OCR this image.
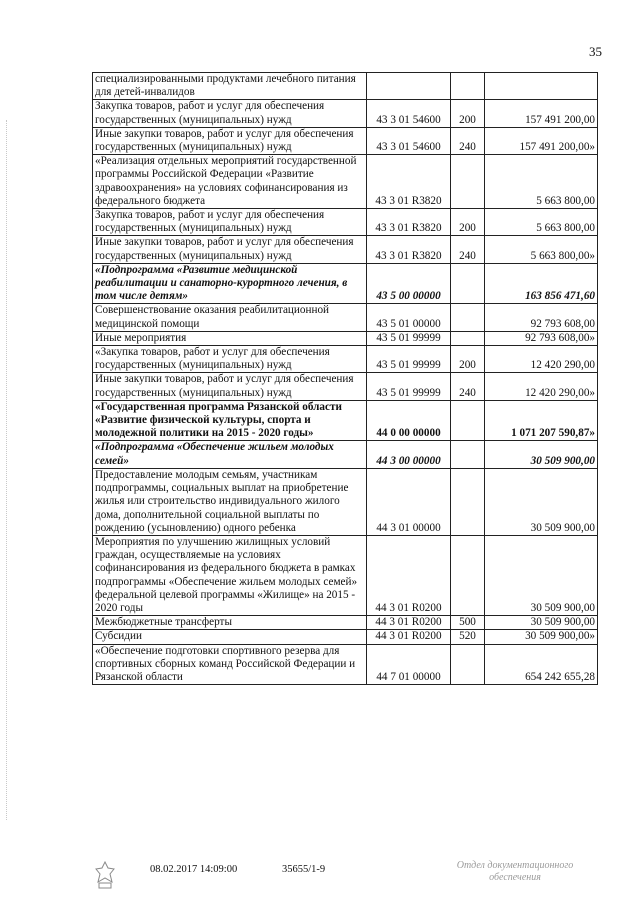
35
специализированными продуктами лечебного питания для детей-инвалидов			
Закупка товаров, работ и услуг для обеспечения государственных (муниципальных) нужд	43 3 01 54600	200	157 491 200,00
Иные закупки товаров, работ и услуг для обеспечения государственных (муниципальных) нужд	43 3 01 54600	240	157 491 200,00»
«Реализация отдельных мероприятий государственной программы Российской Федерации «Развитие здравоохранения» на условиях софинансирования из федерального бюджета	43 3 01 R3820		5 663 800,00
Закупка товаров, работ и услуг для обеспечения государственных (муниципальных) нужд	43 3 01 R3820	200	5 663 800,00
Иные закупки товаров, работ и услуг для обеспечения государственных (муниципальных) нужд	43 3 01 R3820	240	5 663 800,00»
«Подпрограмма «Развитие медицинской реабилитации и санаторно-курортного лечения, в том числе детям»	43 5 00 00000		163 856 471,60
Совершенствование оказания реабилитационной медицинской помощи	43 5 01 00000		92 793 608,00
Иные мероприятия	43 5 01 99999		92 793 608,00»
«Закупка товаров, работ и услуг для обеспечения государственных (муниципальных) нужд	43 5 01 99999	200	12 420 290,00
Иные закупки товаров, работ и услуг для обеспечения государственных (муниципальных) нужд	43 5 01 99999	240	12 420 290,00»
«Государственная программа Рязанской области «Развитие физической культуры, спорта и молодежной политики на 2015 - 2020 годы»	44 0 00 00000		1 071 207 590,87»
«Подпрограмма «Обеспечение жильем молодых семей»	44 3 00 00000		30 509 900,00
Предоставление молодым семьям, участникам подпрограммы, социальных выплат на приобретение жилья или строительство индивидуального жилого дома, дополнительной социальной выплаты по рождению (усыновлению) одного ребенка	44 3 01 00000		30 509 900,00
Мероприятия по улучшению жилищных условий граждан, осуществляемые на условиях софинансирования из федерального бюджета в рамках подпрограммы «Обеспечение жильем молодых семей» федеральной целевой программы «Жилище» на 2015 - 2020 годы	44 3 01 R0200		30 509 900,00
Межбюджетные трансферты	44 3 01 R0200	500	30 509 900,00
Субсидии	44 3 01 R0200	520	30 509 900,00»
«Обеспечение подготовки спортивного резерва для спортивных сборных команд Российской Федерации и Рязанской области	44 7 01 00000		654 242 655,28
08.02.2017 14:09:00	35655/1-9	Отдел документационного
обеспечения
